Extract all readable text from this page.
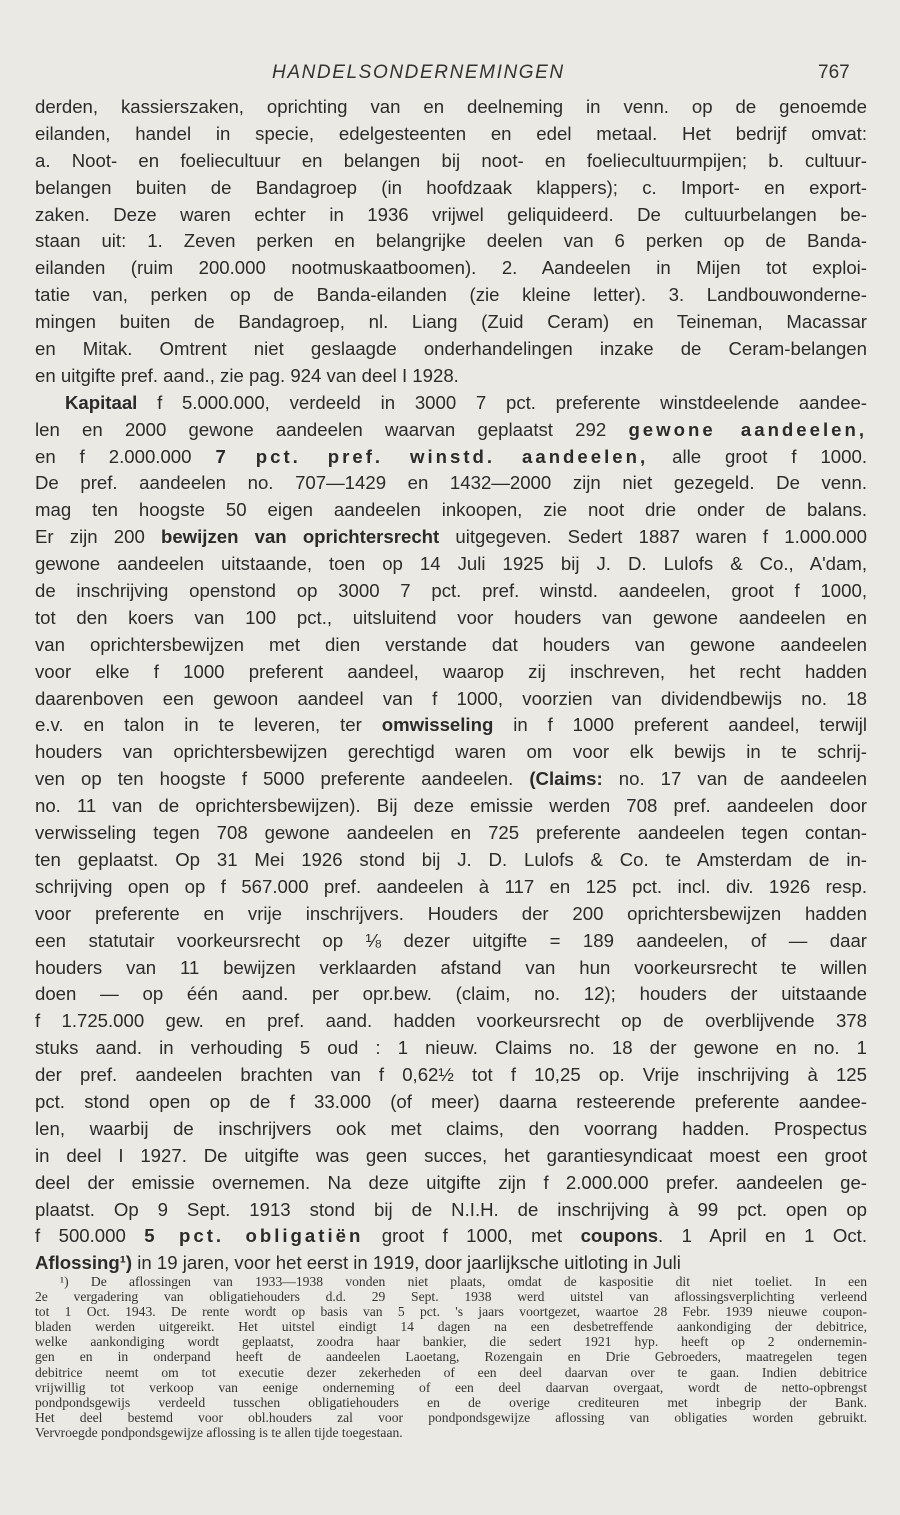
HANDELSONDERNEMINGEN	767
derden, kassierszaken, oprichting van en deelneming in venn. op de genoemde
eilanden, handel in specie, edelgesteenten en edel metaal. Het bedrijf omvat:
a. Noot- en foeliecultuur en belangen bij noot- en foeliecultuurmpijen; b. cultuur-
belangen buiten de Bandagroep (in hoofdzaak klappers); c. Import- en export-
zaken. Deze waren echter in 1936 vrijwel geliquideerd. De cultuurbelangen be-
staan uit: 1. Zeven perken en belangrijke deelen van 6 perken op de Banda-
eilanden (ruim 200.000 nootmuskaatboomen). 2. Aandeelen in Mijen tot exploi-
tatie van, perken op de Banda-eilanden (zie kleine letter). 3. Landbouwonderne-
mingen buiten de Bandagroep, nl. Liang (Zuid Ceram) en Teineman, Macassar
en Mitak. Omtrent niet geslaagde onderhandelingen inzake de Ceram-belangen
en uitgifte pref. aand., zie pag. 924 van deel I 1928.
Kapitaal f 5.000.000, verdeeld in 3000 7 pct. preferente winstdeelende aandee-
len en 2000 gewone aandeelen waarvan geplaatst 292 gewone aandeelen,
en f 2.000.000 7 pct. pref. winstd. aandeelen, alle groot f 1000.
De pref. aandeelen no. 707—1429 en 1432—2000 zijn niet gezegeld. De venn.
mag ten hoogste 50 eigen aandeelen inkoopen, zie noot drie onder de balans.
Er zijn 200 bewijzen van oprichtersrecht uitgegeven. Sedert 1887 waren f 1.000.000
gewone aandeelen uitstaande, toen op 14 Juli 1925 bij J. D. Lulofs & Co., A'dam,
de inschrijving openstond op 3000 7 pct. pref. winstd. aandeelen, groot f 1000,
tot den koers van 100 pct., uitsluitend voor houders van gewone aandeelen en
van oprichtersbewijzen met dien verstande dat houders van gewone aandeelen
voor elke f 1000 preferent aandeel, waarop zij inschreven, het recht hadden
daarenboven een gewoon aandeel van f 1000, voorzien van dividendbewijs no. 18
e.v. en talon in te leveren, ter omwisseling in f 1000 preferent aandeel, terwijl
houders van oprichtersbewijzen gerechtigd waren om voor elk bewijs in te schrij-
ven op ten hoogste f 5000 preferente aandeelen. (Claims: no. 17 van de aandeelen
no. 11 van de oprichtersbewijzen). Bij deze emissie werden 708 pref. aandeelen door
verwisseling tegen 708 gewone aandeelen en 725 preferente aandeelen tegen contan-
ten geplaatst. Op 31 Mei 1926 stond bij J. D. Lulofs & Co. te Amsterdam de in-
schrijving open op f 567.000 pref. aandeelen à 117 en 125 pct. incl. div. 1926 resp.
voor preferente en vrije inschrijvers. Houders der 200 oprichtersbewijzen hadden
een statutair voorkeursrecht op ⅛ dezer uitgifte = 189 aandeelen, of — daar
houders van 11 bewijzen verklaarden afstand van hun voorkeursrecht te willen
doen — op één aand. per opr.bew. (claim, no. 12); houders der uitstaande
f 1.725.000 gew. en pref. aand. hadden voorkeursrecht op de overblijvende 378
stuks aand. in verhouding 5 oud : 1 nieuw. Claims no. 18 der gewone en no. 1
der pref. aandeelen brachten van f 0,62½ tot f 10,25 op. Vrije inschrijving à 125
pct. stond open op de f 33.000 (of meer) daarna resteerende preferente aandee-
len, waarbij de inschrijvers ook met claims, den voorrang hadden. Prospectus
in deel I 1927. De uitgifte was geen succes, het garantiesyndicaat moest een groot
deel der emissie overnemen. Na deze uitgifte zijn f 2.000.000 prefer. aandeelen ge-
plaatst. Op 9 Sept. 1913 stond bij de N.I.H. de inschrijving à 99 pct. open op
f 500.000 5 pct. obligatiën groot f 1000, met coupons. 1 April en 1 Oct.
Aflossing¹) in 19 jaren, voor het eerst in 1919, door jaarlijksche uitloting in Juli
¹) De aflossingen van 1933—1938 vonden niet plaats, omdat de kaspositie dit niet toeliet. In een
2e vergadering van obligatiehouders d.d. 29 Sept. 1938 werd uitstel van aflossingsverplichting verleend
tot 1 Oct. 1943. De rente wordt op basis van 5 pct. 's jaars voortgezet, waartoe 28 Febr. 1939 nieuwe coupon-
bladen werden uitgereikt. Het uitstel eindigt 14 dagen na een desbetreffende aankondiging der debitrice,
welke aankondiging wordt geplaatst, zoodra haar bankier, die sedert 1921 hyp. heeft op 2 ondernemin-
gen en in onderpand heeft de aandeelen Laoetang, Rozengain en Drie Gebroeders, maatregelen tegen
debitrice neemt om tot executie dezer zekerheden of een deel daarvan over te gaan. Indien debitrice
vrijwillig tot verkoop van eenige onderneming of een deel daarvan overgaat, wordt de netto-opbrengst
pondpondsgewijs verdeeld tusschen obligatiehouders en de overige crediteuren met inbegrip der Bank.
Het deel bestemd voor obl.houders zal voor pondpondsgewijze aflossing van obligaties worden gebruikt.
Vervroegde pondpondsgewijze aflossing is te allen tijde toegestaan.
